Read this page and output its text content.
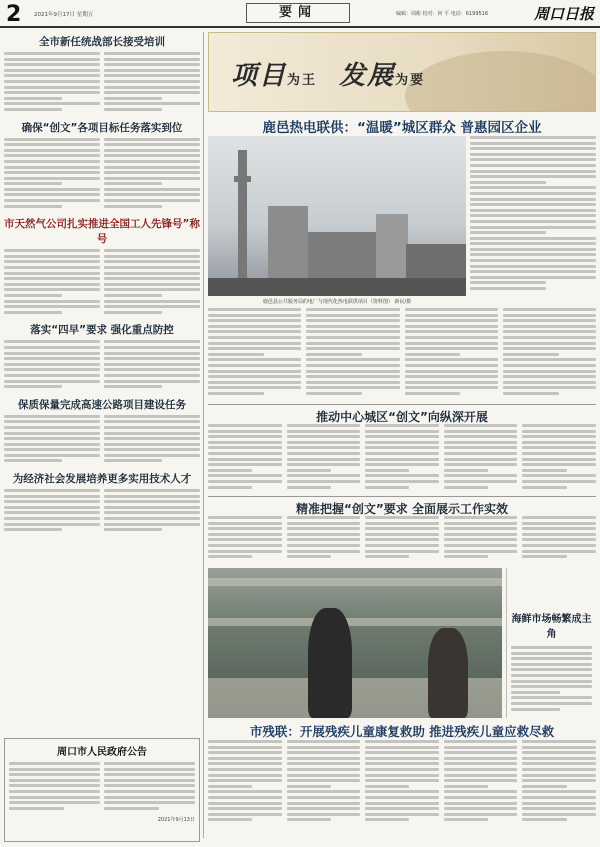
2 2021年9月17日 星期五	要闻	编辑：周彬 校对：何 平 电话：6199516	周口日报
全市新任统战部长接受培训
确保“创文”各项目标任务落实到位
市天然气公司扎实推进全国工人先锋号”称号
落实“四早”要求 强化重点防控
保质保量完成高速公路项目建设任务
为经济社会发展培养更多实用技术人才
周口市人民政府公告
2021年9月13日
项目为王 发展为要
鹿邑热电联供：“温暖”城区群众 普惠园区企业
鹿邑县公共服务局的电厂与现代化热电联供项目（资料图） 新民/摄
推动中心城区“创文”向纵深开展
精准把握“创文”要求 全面展示工作实效
海鲜市场畅繁成主角
市残联：开展残疾儿童康复救助 推进残疾儿童应救尽救
